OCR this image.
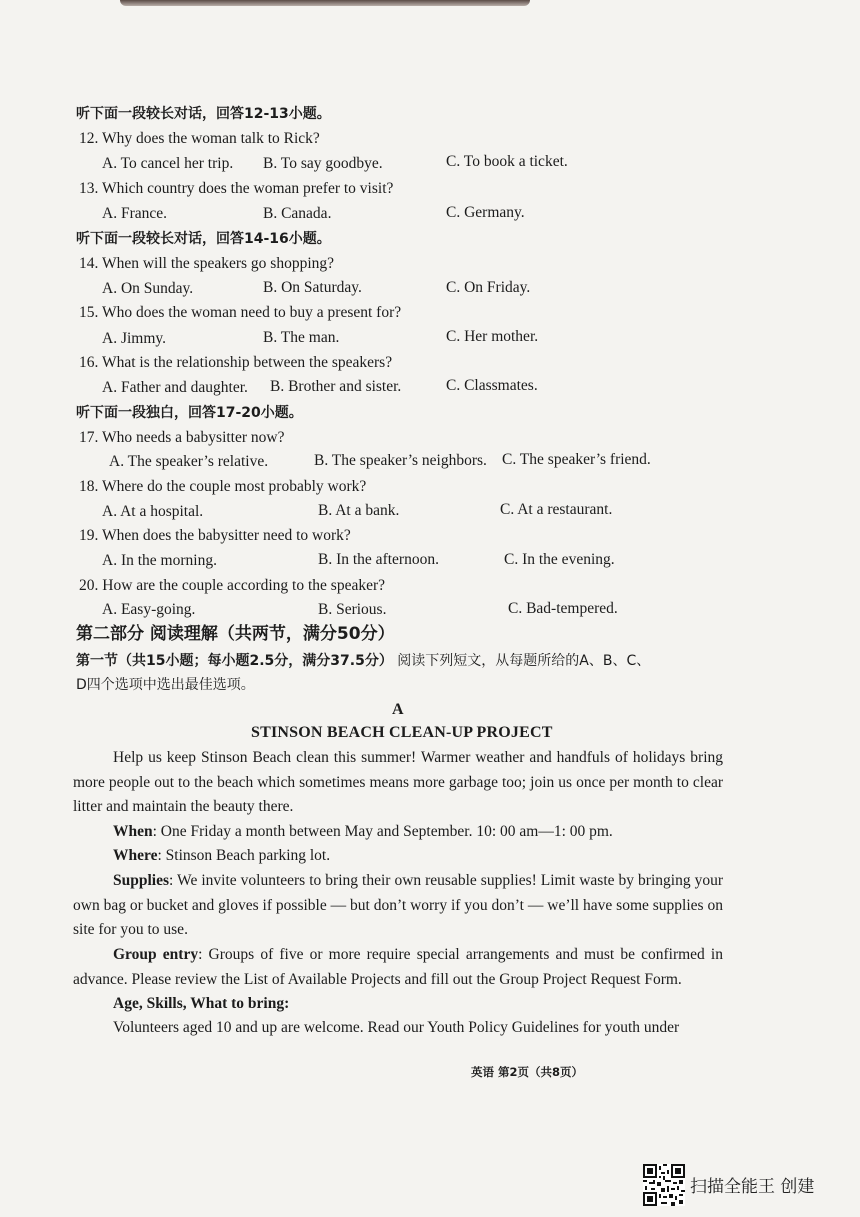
听下面一段较长对话，回答12-13小题。
12. Why does the woman talk to Rick?
A. To cancel her trip. B. To say goodbye.	C. To book a ticket.
13. Which country does the woman prefer to visit?
A. France.	B. Canada.	C. Germany.
听下面一段较长对话，回答14-16小题。
14. When will the speakers go shopping?
A. On Sunday.	B. On Saturday.	C. On Friday.
15. Who does the woman need to buy a present for?
A. Jimmy.	B. The man.	C. Her mother.
16. What is the relationship between the speakers?
A. Father and daughter. B. Brother and sister.	C. Classmates.
听下面一段独白，回答17-20小题。
17. Who needs a babysitter now?
A. The speaker’s relative.	B. The speaker’s neighbors. C. The speaker’s friend.
18. Where do the couple most probably work?
A. At a hospital.	B. At a bank.	C. At a restaurant.
19. When does the babysitter need to work?
A. In the morning.	B. In the afternoon.	C. In the evening.
20. How are the couple according to the speaker?
A. Easy-going.	B. Serious.	C. Bad-tempered.
第二部分 阅读理解（共两节，满分50分）
第一节（共15小题；每小题2.5分，满分37.5分） 阅读下列短文，从每题所给的A、B、C、
D四个选项中选出最佳选项。
A
STINSON BEACH CLEAN-UP PROJECT
Help us keep Stinson Beach clean this summer! Warmer weather and handfuls of holidays bring more people out to the beach which sometimes means more garbage too; join us once per month to clear litter and maintain the beauty there.
When: One Friday a month between May and September. 10: 00 am—1: 00 pm.
Where: Stinson Beach parking lot.
Supplies: We invite volunteers to bring their own reusable supplies! Limit waste by bringing your own bag or bucket and gloves if possible — but don’t worry if you don’t — we’ll have some supplies on site for you to use.
Group entry: Groups of five or more require special arrangements and must be confirmed in advance. Please review the List of Available Projects and fill out the Group Project Request Form.
Age, Skills, What to bring:
Volunteers aged 10 and up are welcome. Read our Youth Policy Guidelines for youth under
英语 第2页（共8页）
扫描全能王 创建
